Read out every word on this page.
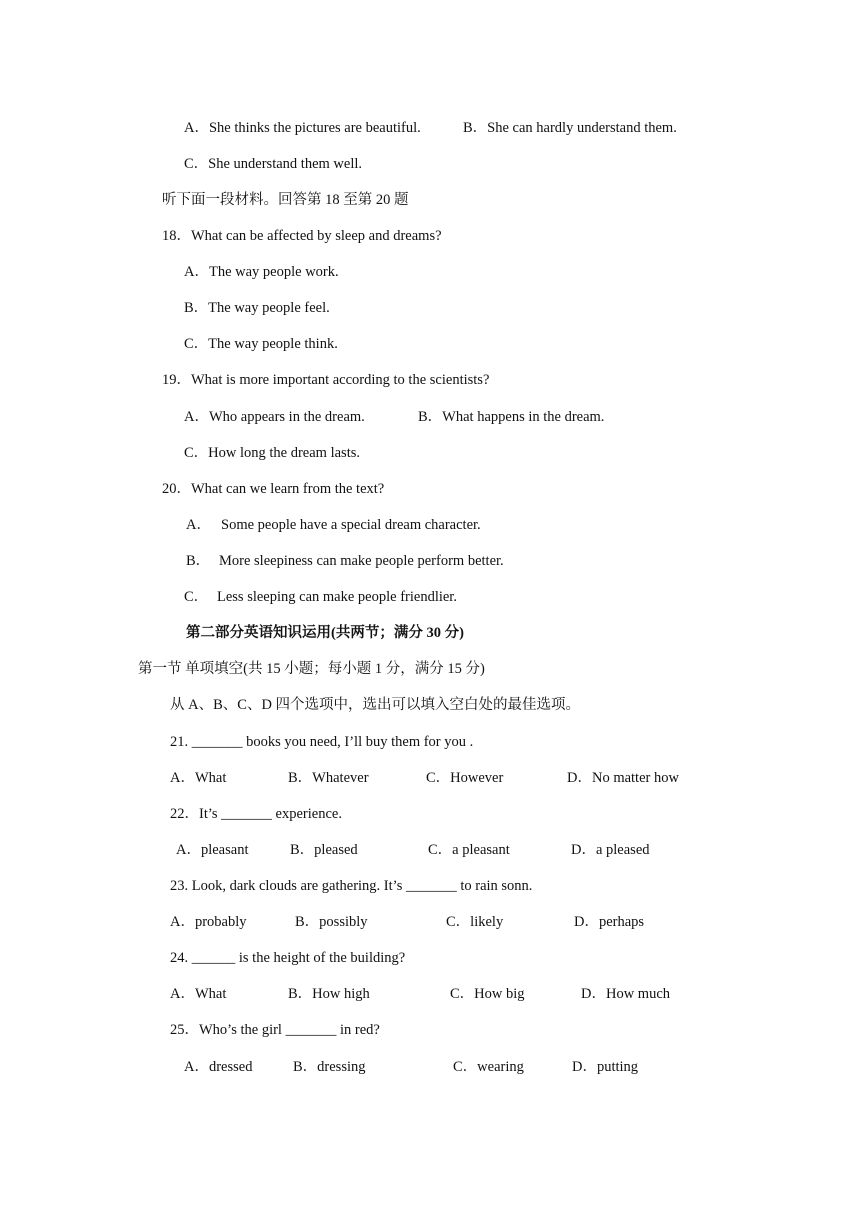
A．She thinks the pictures are beautiful.	B．She can hardly understand them.
C．She understand them well.
听下面一段材料。回答第 18 至第 20 题
18．What can be affected by sleep and dreams?
A．The way people work.
B．The way people feel.
C．The way people think.
19．What is more important according to the scientists?
A．Who appears in the dream.	B．What happens in the dream.
C．How long the dream lasts.
20．What can we learn from the text?
A． Some people have a special dream character.
B． More sleepiness can make people perform better.
C． Less sleeping can make people friendlier.
第二部分英语知识运用(共两节；满分 30 分)
第一节 单项填空(共 15 小题；每小题 1 分，满分 15 分)
从 A、B、C、D 四个选项中，选出可以填入空白处的最佳选项。
21. _______ books you need, I’ll buy them for you .
A．What	B．Whatever	C．However	D．No matter how
22．It’s _______ experience.
A．pleasant	B．pleased	C．a pleasant	D．a pleased
23. Look, dark clouds are gathering. It’s _______ to rain sonn.
A．probably	B．possibly	C．likely	D．perhaps
24. ______ is the height of the building?
A．What	B．How high	C．How big	D．How much
25．Who’s the girl _______ in red?
A．dressed	B．dressing	C．wearing	D．putting
